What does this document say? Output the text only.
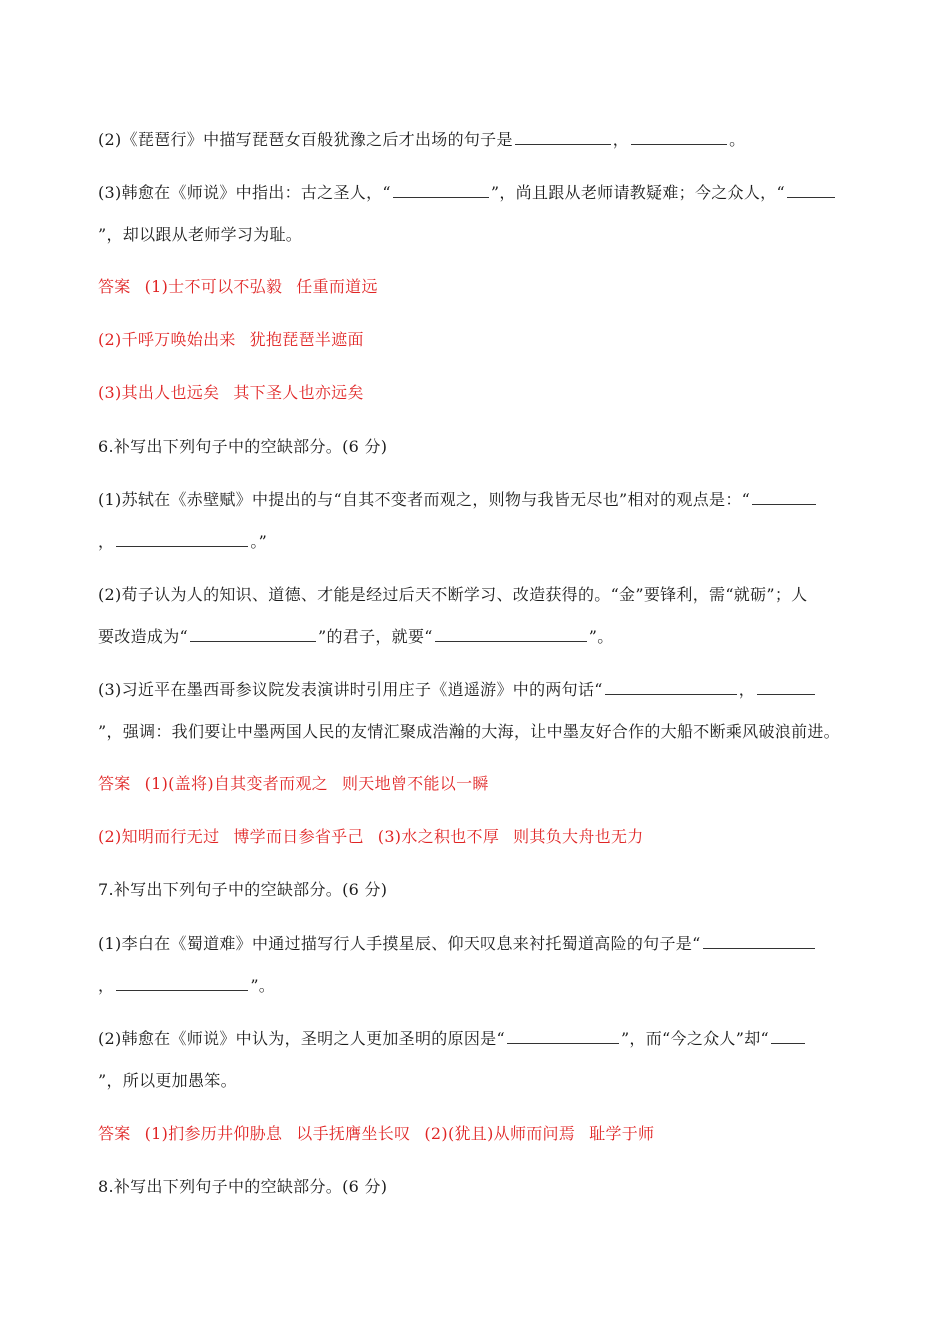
(2)《琵琶行》中描写琵琶女百般犹豫之后才出场的句子是	，	。
(3)韩愈在《师说》中指出：古之圣人，“	”，尚且跟从老师请教疑难；今之众人，“
”，却以跟从老师学习为耻。
答案 (1)士不可以不弘毅 任重而道远
(2)千呼万唤始出来 犹抱琵琶半遮面
(3)其出人也远矣 其下圣人也亦远矣
6.补写出下列句子中的空缺部分。(6 分)
(1)苏轼在《赤壁赋》中提出的与“自其不变者而观之，则物与我皆无尽也”相对的观点是：“
，	。”
(2)荀子认为人的知识、道德、才能是经过后天不断学习、改造获得的。“金”要锋利，需“就砺”；人
要改造成为“	”的君子，就要“	”。
(3)习近平在墨西哥参议院发表演讲时引用庄子《逍遥游》中的两句话“	，
”，强调：我们要让中墨两国人民的友情汇聚成浩瀚的大海，让中墨友好合作的大船不断乘风破浪前进。
答案 (1)(盖将)自其变者而观之 则天地曾不能以一瞬
(2)知明而行无过 博学而日参省乎己 (3)水之积也不厚 则其负大舟也无力
7.补写出下列句子中的空缺部分。(6 分)
(1)李白在《蜀道难》中通过描写行人手摸星辰、仰天叹息来衬托蜀道高险的句子是“
，	”。
(2)韩愈在《师说》中认为，圣明之人更加圣明的原因是“	”，而“今之众人”却“
”，所以更加愚笨。
答案 (1)扪参历井仰胁息 以手抚膺坐长叹 (2)(犹且)从师而问焉 耻学于师
8.补写出下列句子中的空缺部分。(6 分)
